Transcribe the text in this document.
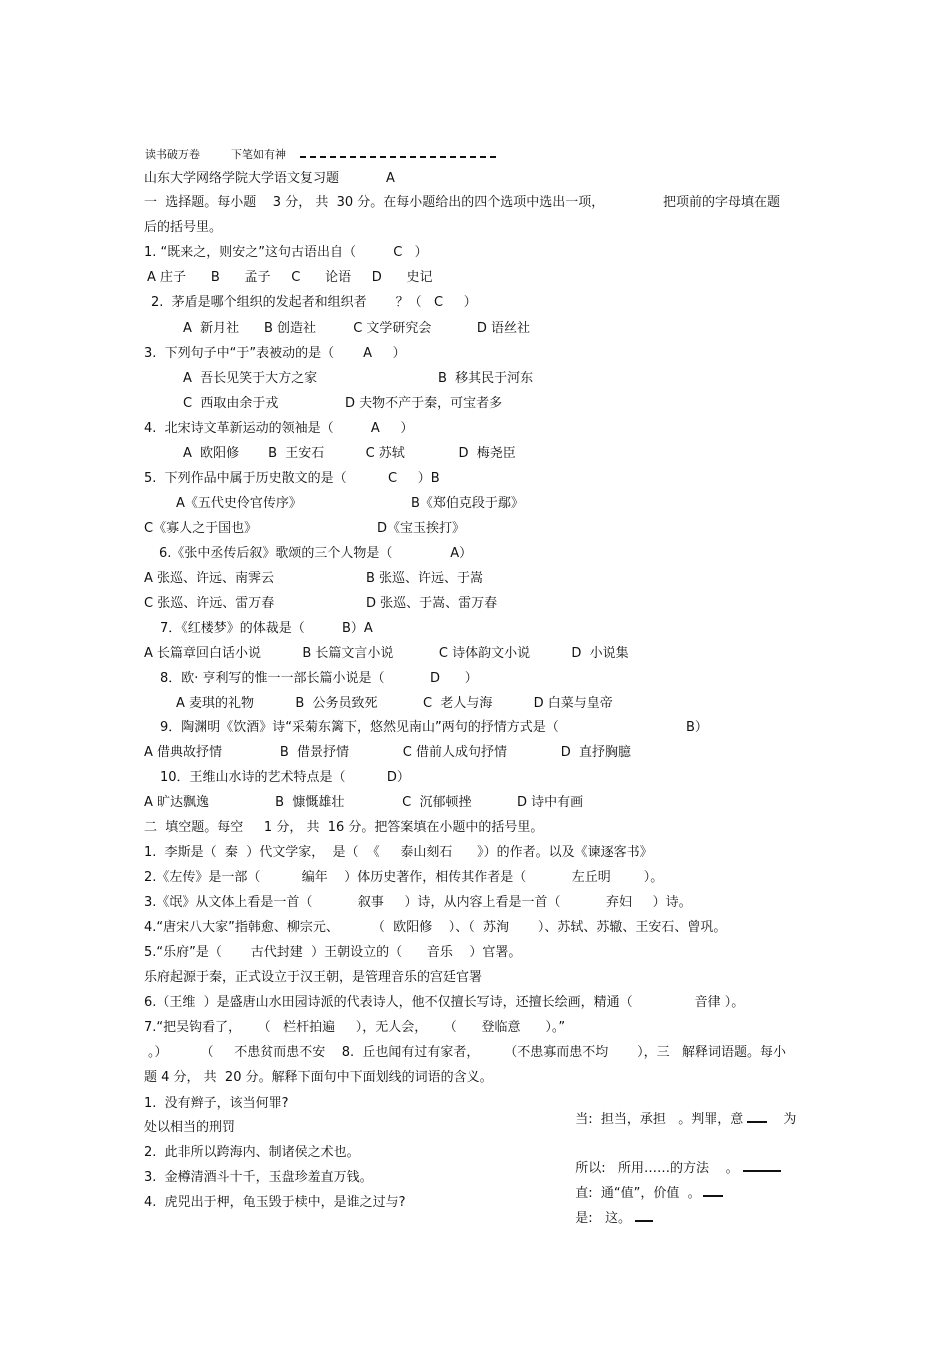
读书破万卷	下笔如有神
山东大学网络学院大学语文复习题	A
一  选择题。每小题    3 分， 共  30 分。在每小题给出的四个选项中选出一项，	把项前的字母填在题
后的括号里。
1. “既来之，则安之”这句古语出自（         C   ）
A 庄子      B      孟子     C      论语     D      史记
2.  茅盾是哪个组织的发起者和组织者       ？（   C     ）
A  新月社      B 创造社         C 文学研究会           D 语丝社
3.  下列句子中“于”表被动的是（       A     ）
A  吾长见笑于大方之家	B  移其民于河东
C  西取由余于戎	D 夫物不产于秦，可宝者多
4.  北宋诗文革新运动的领袖是（         A     ）
A  欧阳修       B  王安石          C 苏轼             D  梅尧臣
5.  下列作品中属于历史散文的是（          C     ）B
A《五代史伶官传序》	B《郑伯克段于鄢》
C《寡人之于国也》	D《宝玉挨打》
6.《张中丞传后叙》歌颂的三个人物是（              A）
A 张巡、许远、南霁云	B 张巡、许远、于嵩
C 张巡、许远、雷万春	D 张巡、于嵩、雷万春
7．《红楼梦》的体裁是（         B）A
A 长篇章回白话小说          B 长篇文言小说           C 诗体韵文小说          D  小说集
8．欧· 亨利写的惟一一部长篇小说是（           D      ）
A 麦琪的礼物          B  公务员致死           C  老人与海          D 白菜与皇帝
9．陶渊明《饮酒》诗“采菊东篱下，悠然见南山”两句的抒情方式是（	B）
A 借典故抒情              B  借景抒情             C 借前人成句抒情             D  直抒胸臆
10．王维山水诗的艺术特点是（          D）
A 旷达飘逸                B  慷慨雄壮              C  沉郁顿挫           D 诗中有画
二  填空题。每空     1 分， 共  16 分。把答案填在小题中的括号里。
1.  李斯是（  秦  ）代文学家，  是（  《     泰山刻石      》）的作者。以及《谏逐客书》
2.《左传》是一部（          编年    ）体历史著作，相传其作者是（           左丘明        ）。
3.《氓》从文体上看是一首（           叙事     ）诗，从内容上看是一首（           弃妇     ）诗。
4.“唐宋八大家”指韩愈、柳宗元、        （  欧阳修    ）、（  苏洵       ）、苏轼、苏辙、王安石、曾巩。
5.“乐府”是（       古代封建  ）王朝设立的（      音乐    ）官署。
乐府起源于秦，正式设立于汉王朝，是管理音乐的宫廷官署
6.（王维  ）是盛唐山水田园诗派的代表诗人，他不仅擅长写诗，还擅长绘画，精通（               音律 ）。
7.“把吴钩看了，    （   栏杆拍遍     ），无人会，    （      登临意      ）。”
。）        （     不患贫而患不安    8.  丘也闻有过有家者，      （不患寡而患不均       ），三   解释词语题。每小
题 4 分， 共  20 分。解释下面句中下面划线的词语的含义。
1.  没有辫子，该当何罪?

当:  担当，承担   。判罪，意	为

处以相当的刑罚
2.  此非所以跨海内、制诸侯之术也。

所以:   所用……的方法    。

3.  金樽清酒斗十千，玉盘珍羞直万钱。

直:  通“值”，价值  。

4.  虎兕出于柙，龟玉毁于椟中，是谁之过与?

是:   这。
